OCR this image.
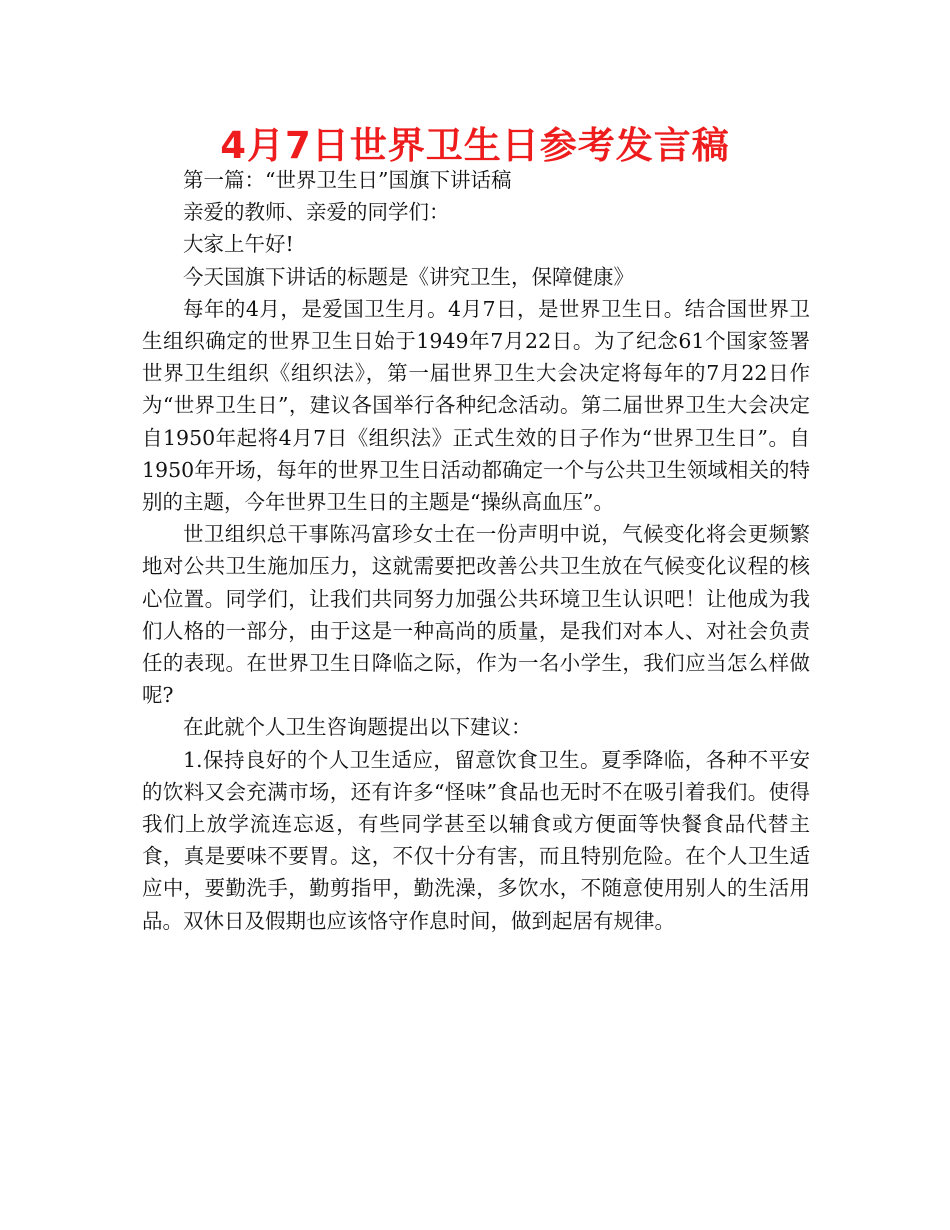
4月7日世界卫生日参考发言稿

第一篇：“世界卫生日”国旗下讲话稿

亲爱的教师、亲爱的同学们：

大家上午好!

今天国旗下讲话的标题是《讲究卫生，保障健康》

每年的4月，是爱国卫生月。4月7日，是世界卫生日。结合国世界卫生组织确定的世界卫生日始于1949年7月22日。为了纪念61个国家签署世界卫生组织《组织法》，第一届世界卫生大会决定将每年的7月22日作为“世界卫生日”，建议各国举行各种纪念活动。第二届世界卫生大会决定自1950年起将4月7日《组织法》正式生效的日子作为“世界卫生日”。自1950年开场，每年的世界卫生日活动都确定一个与公共卫生领域相关的特别的主题，今年世界卫生日的主题是“操纵高血压”。

世卫组织总干事陈冯富珍女士在一份声明中说，气候变化将会更频繁地对公共卫生施加压力，这就需要把改善公共卫生放在气候变化议程的核心位置。同学们，让我们共同努力加强公共环境卫生认识吧！让他成为我们人格的一部分，由于这是一种高尚的质量，是我们对本人、对社会负责任的表现。在世界卫生日降临之际，作为一名小学生，我们应当怎么样做呢?

在此就个人卫生咨询题提出以下建议：

1.保持良好的个人卫生适应，留意饮食卫生。夏季降临，各种不平安的饮料又会充满市场，还有许多“怪味”食品也无时不在吸引着我们。使得我们上放学流连忘返，有些同学甚至以辅食或方便面等快餐食品代替主食，真是要味不要胃。这，不仅十分有害，而且特别危险。在个人卫生适应中，要勤洗手，勤剪指甲，勤洗澡，多饮水，不随意使用别人的生活用品。双休日及假期也应该恪守作息时间，做到起居有规律。
